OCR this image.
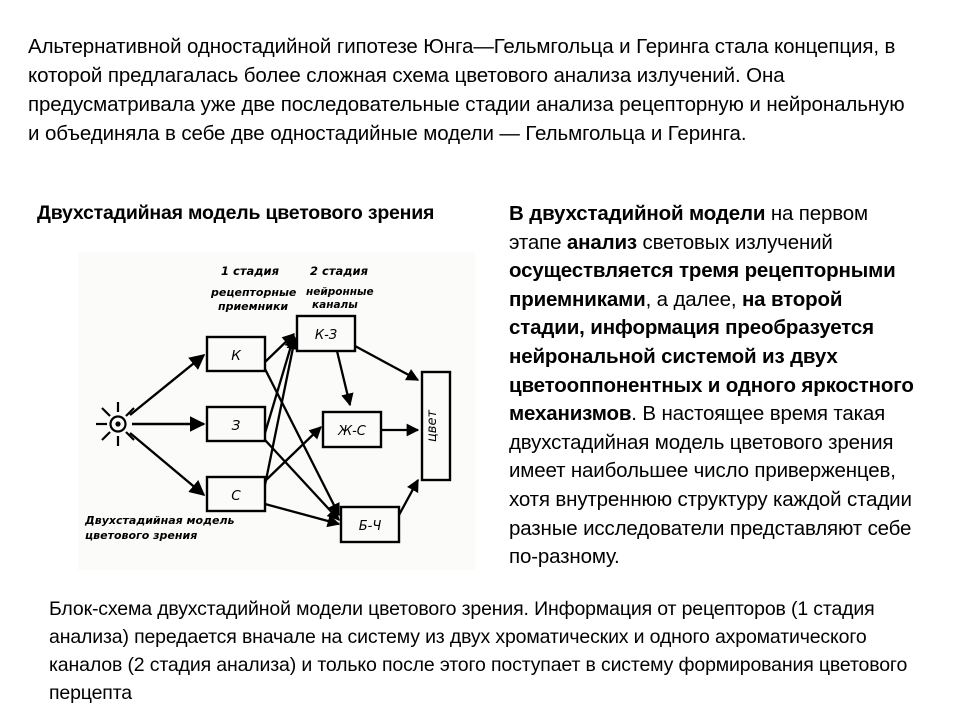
Альтернативной одностадийной гипотезе Юнга—Гельмгольца и Геринга стала концепция, в которой предлагалась более сложная схема цветового анализа излучений. Она предусматривала уже две последовательные стадии анализа рецепторную и нейрональную и объединяла в себе две одностадийные модели — Гельмгольца и Геринга.
Двухстадийная модель цветового зрения
1 стадия
рецепторные
приемники
2 стадия
нейронные
каналы
К
З
С
К-З
Ж-С
Б-Ч
цвет
Двухстадийная модель
цветового зрения
В двухстадийной модели на первом этапе анализ световых излучений осуществляется тремя рецепторными приемниками, а далее, на второй стадии, информация преобразуется нейрональной системой из двух цветооппонентных и одного яркостного механизмов. В настоящее время такая двухстадийная модель цветового зрения имеет наибольшее число приверженцев, хотя внутреннюю структуру каждой стадии разные исследователи представляют себе по-разному.
Блок-схема двухстадийной модели цветового зрения. Информация от рецепторов (1 стадия анализа) передается вначале на систему из двух хроматических и одного ахроматического каналов (2 стадия анализа) и только после этого поступает в систему формирования цветового перцепта
